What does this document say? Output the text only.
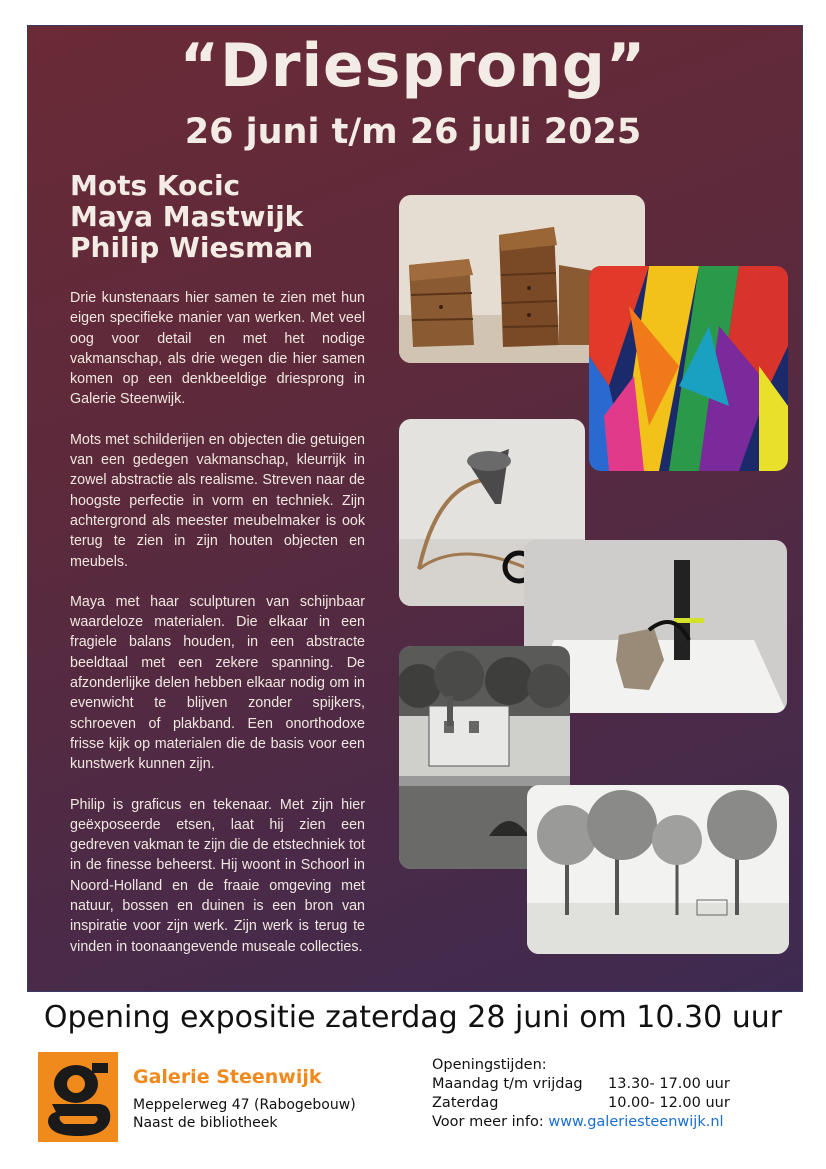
“Driesprong”
26 juni t/m 26 juli 2025
Mots Kocic
Maya Mastwijk
Philip Wiesman

Drie kunstenaars hier samen te zien met hun eigen specifieke manier van werken. Met veel oog voor detail en met het nodige vakmanschap, als drie wegen die hier samen komen op een denkbeeldige driesprong in Galerie Steenwijk.

Mots met schilderijen en objecten die getuigen van een gedegen vakmanschap, kleurrijk in zowel abstractie als realisme. Streven naar de hoogste perfectie in vorm en techniek. Zijn achtergrond als meester meubelmaker is ook terug te zien in zijn houten objecten en meubels.

Maya met haar sculpturen van schijnbaar waardeloze materialen. Die elkaar in een fragiele balans houden, in een abstracte beeldtaal met een zekere spanning. De afzonderlijke delen hebben elkaar nodig om in evenwicht te blijven zonder spijkers, schroeven of plakband. Een onorthodoxe frisse kijk op materialen die de basis voor een kunstwerk kunnen zijn.

Philip is graficus en tekenaar. Met zijn hier geëxposeerde etsen, laat hij zien een gedreven vakman te zijn die de etstechniek tot in de finesse beheerst. Hij woont in Schoorl in Noord-Holland en de fraaie omgeving met natuur, bossen en duinen is een bron van inspiratie voor zijn werk. Zijn werk is terug te vinden in toonaangevende museale collecties.

Opening expositie zaterdag 28 juni om 10.30 uur
Galerie Steenwijk
Meppelerweg 47 (Rabogebouw)
Naast de bibliotheek
Openingstijden:
Maandag t/m vrijdag	13.30- 17.00 uur
Zaterdag	10.00- 12.00 uur
Voor meer info: www.galeriesteenwijk.nl
